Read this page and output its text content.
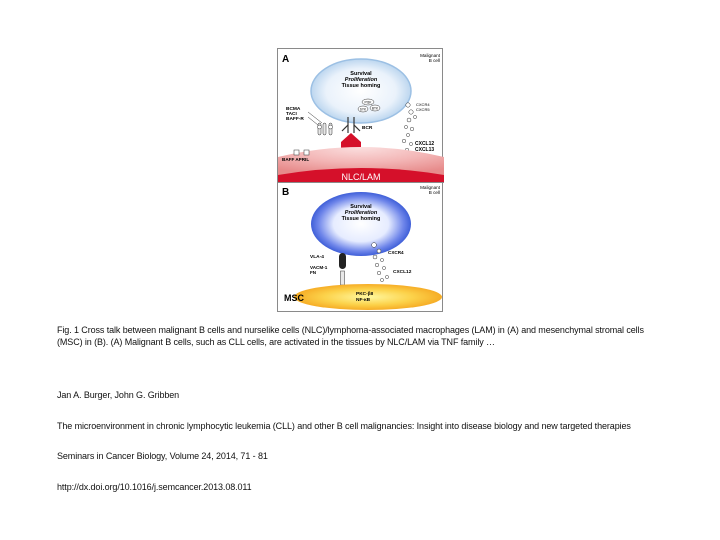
A	Malignant
B cell
Survival
Proliferation
Tissue homing
PI3K
SYK BTK
BCMA
TACI
BAFF-R
BCR
CXCR4
CXCR5
CXCL12
CXCL13
BAFF APRIL
NLC/LAM
B	Malignant
B cell
Survival
Proliferation
Tissue homing
VLA-4
VACM-1
FN
CXCR4
CXCL12
MSC	PKC-βII
NF-κB
Fig. 1 Cross talk between malignant B cells and nurselike cells (NLC)/lymphoma-associated macrophages (LAM) in (A) and mesenchymal stromal cells (MSC) in (B). (A) Malignant B cells, such as CLL cells, are activated in the tissues by NLC/LAM via TNF family …
Jan A. Burger, John G. Gribben
The microenvironment in chronic lymphocytic leukemia (CLL) and other B cell malignancies: Insight into disease biology and new targeted therapies
Seminars in Cancer Biology, Volume 24, 2014, 71 - 81
http://dx.doi.org/10.1016/j.semcancer.2013.08.011
